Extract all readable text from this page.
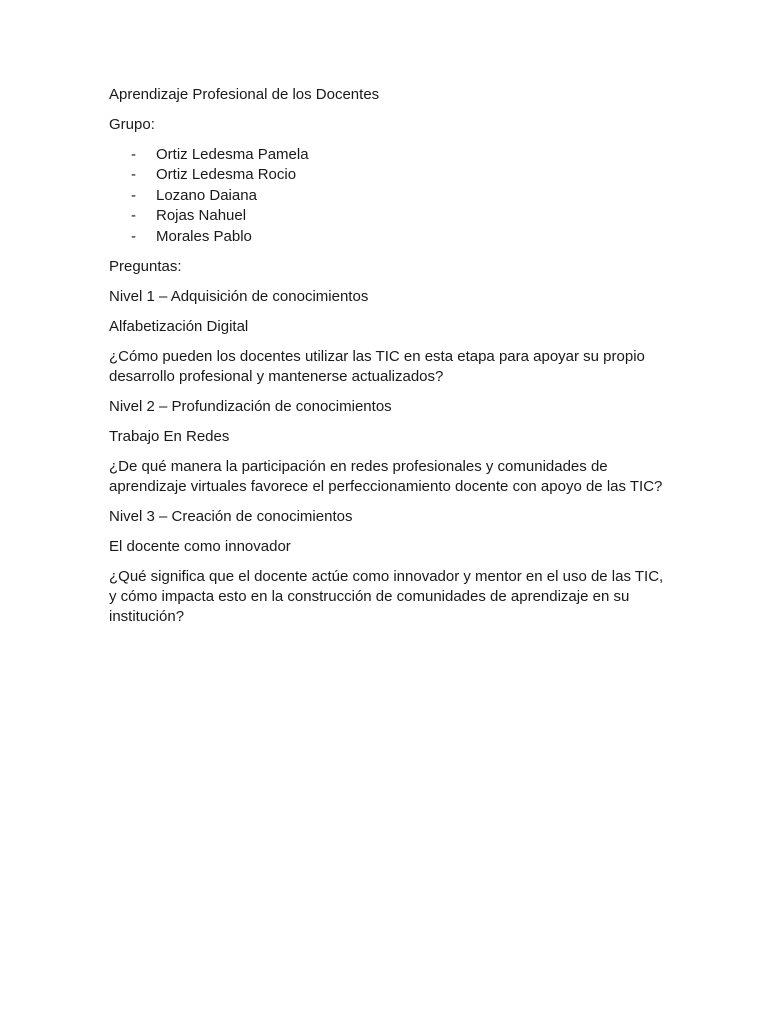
Aprendizaje Profesional de los Docentes

Grupo:

- Ortiz Ledesma Pamela
- Ortiz Ledesma Rocio
- Lozano Daiana
- Rojas Nahuel
- Morales Pablo

Preguntas:

Nivel 1 – Adquisición de conocimientos

Alfabetización Digital

¿Cómo pueden los docentes utilizar las TIC en esta etapa para apoyar su propio desarrollo profesional y mantenerse actualizados?

Nivel 2 – Profundización de conocimientos

Trabajo En Redes

¿De qué manera la participación en redes profesionales y comunidades de aprendizaje virtuales favorece el perfeccionamiento docente con apoyo de las TIC?

Nivel 3 – Creación de conocimientos

El docente como innovador

¿Qué significa que el docente actúe como innovador y mentor en el uso de las TIC, y cómo impacta esto en la construcción de comunidades de aprendizaje en su institución?
